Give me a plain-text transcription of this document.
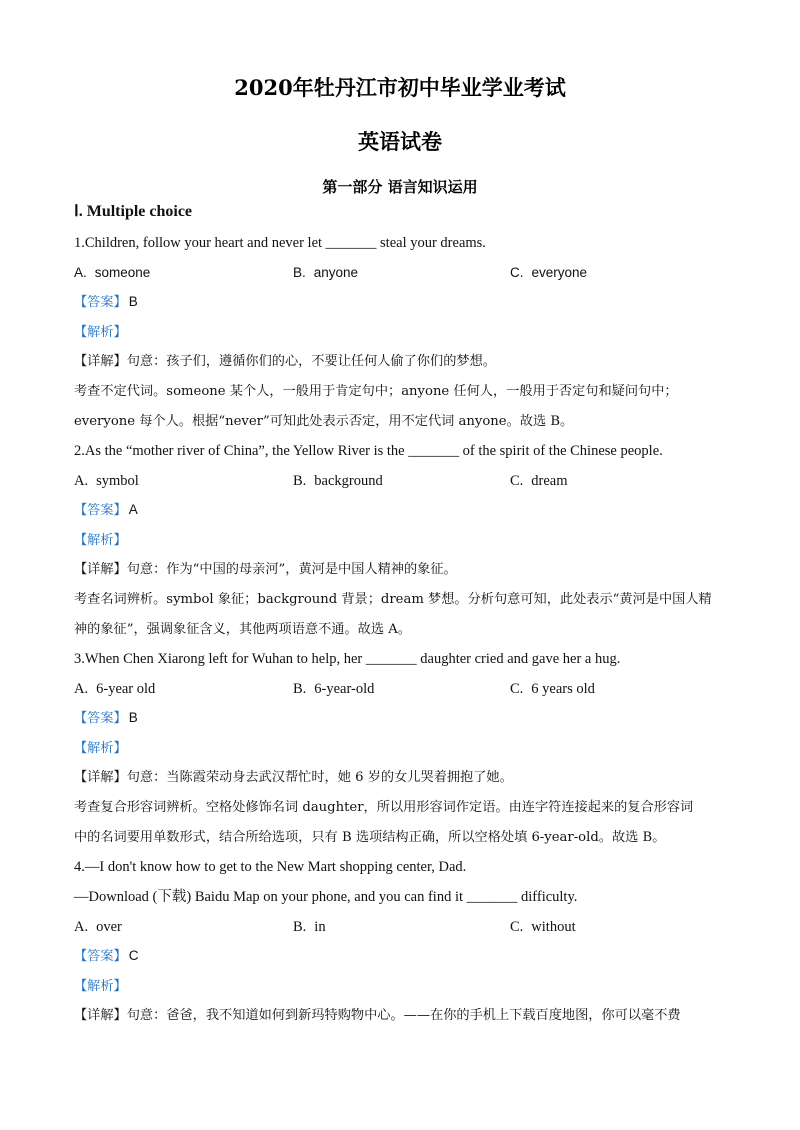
2020年牡丹江市初中毕业学业考试
英语试卷
第一部分 语言知识运用
Ⅰ. Multiple choice
1.Children, follow your heart and never let _______ steal your dreams.
A. someone	B. anyone	C. everyone
【答案】 B
【解析】
【详解】句意：孩子们，遵循你们的心，不要让任何人偷了你们的梦想。
考查不定代词。someone 某个人，一般用于肯定句中；anyone 任何人，一般用于否定句和疑问句中；
everyone 每个人。根据“never”可知此处表示否定，用不定代词 anyone。故选 B。
2.As the “mother river of China”, the Yellow River is the _______ of the spirit of the Chinese people.
A. symbol	B. background	C. dream
【答案】 A
【解析】
【详解】句意：作为“中国的母亲河”，黄河是中国人精神的象征。
考查名词辨析。symbol 象征；background 背景；dream 梦想。分析句意可知，此处表示“黄河是中国人精
神的象征”，强调象征含义，其他两项语意不通。故选 A。
3.When Chen Xiarong left for Wuhan to help, her _______ daughter cried and gave her a hug.
A. 6-year old	B. 6-year-old	C. 6 years old
【答案】 B
【解析】
【详解】句意：当陈霞荣动身去武汉帮忙时，她 6 岁的女儿哭着拥抱了她。
考查复合形容词辨析。空格处修饰名词 daughter，所以用形容词作定语。由连字符连接起来的复合形容词
中的名词要用单数形式，结合所给选项，只有 B 选项结构正确，所以空格处填 6-year-old。故选 B。
4.—I don't know how to get to the New Mart shopping center, Dad.
—Download (下载) Baidu Map on your phone, and you can find it _______ difficulty.
A. over	B. in	C. without
【答案】 C
【解析】
【详解】句意：爸爸，我不知道如何到新玛特购物中心。——在你的手机上下载百度地图，你可以毫不费
